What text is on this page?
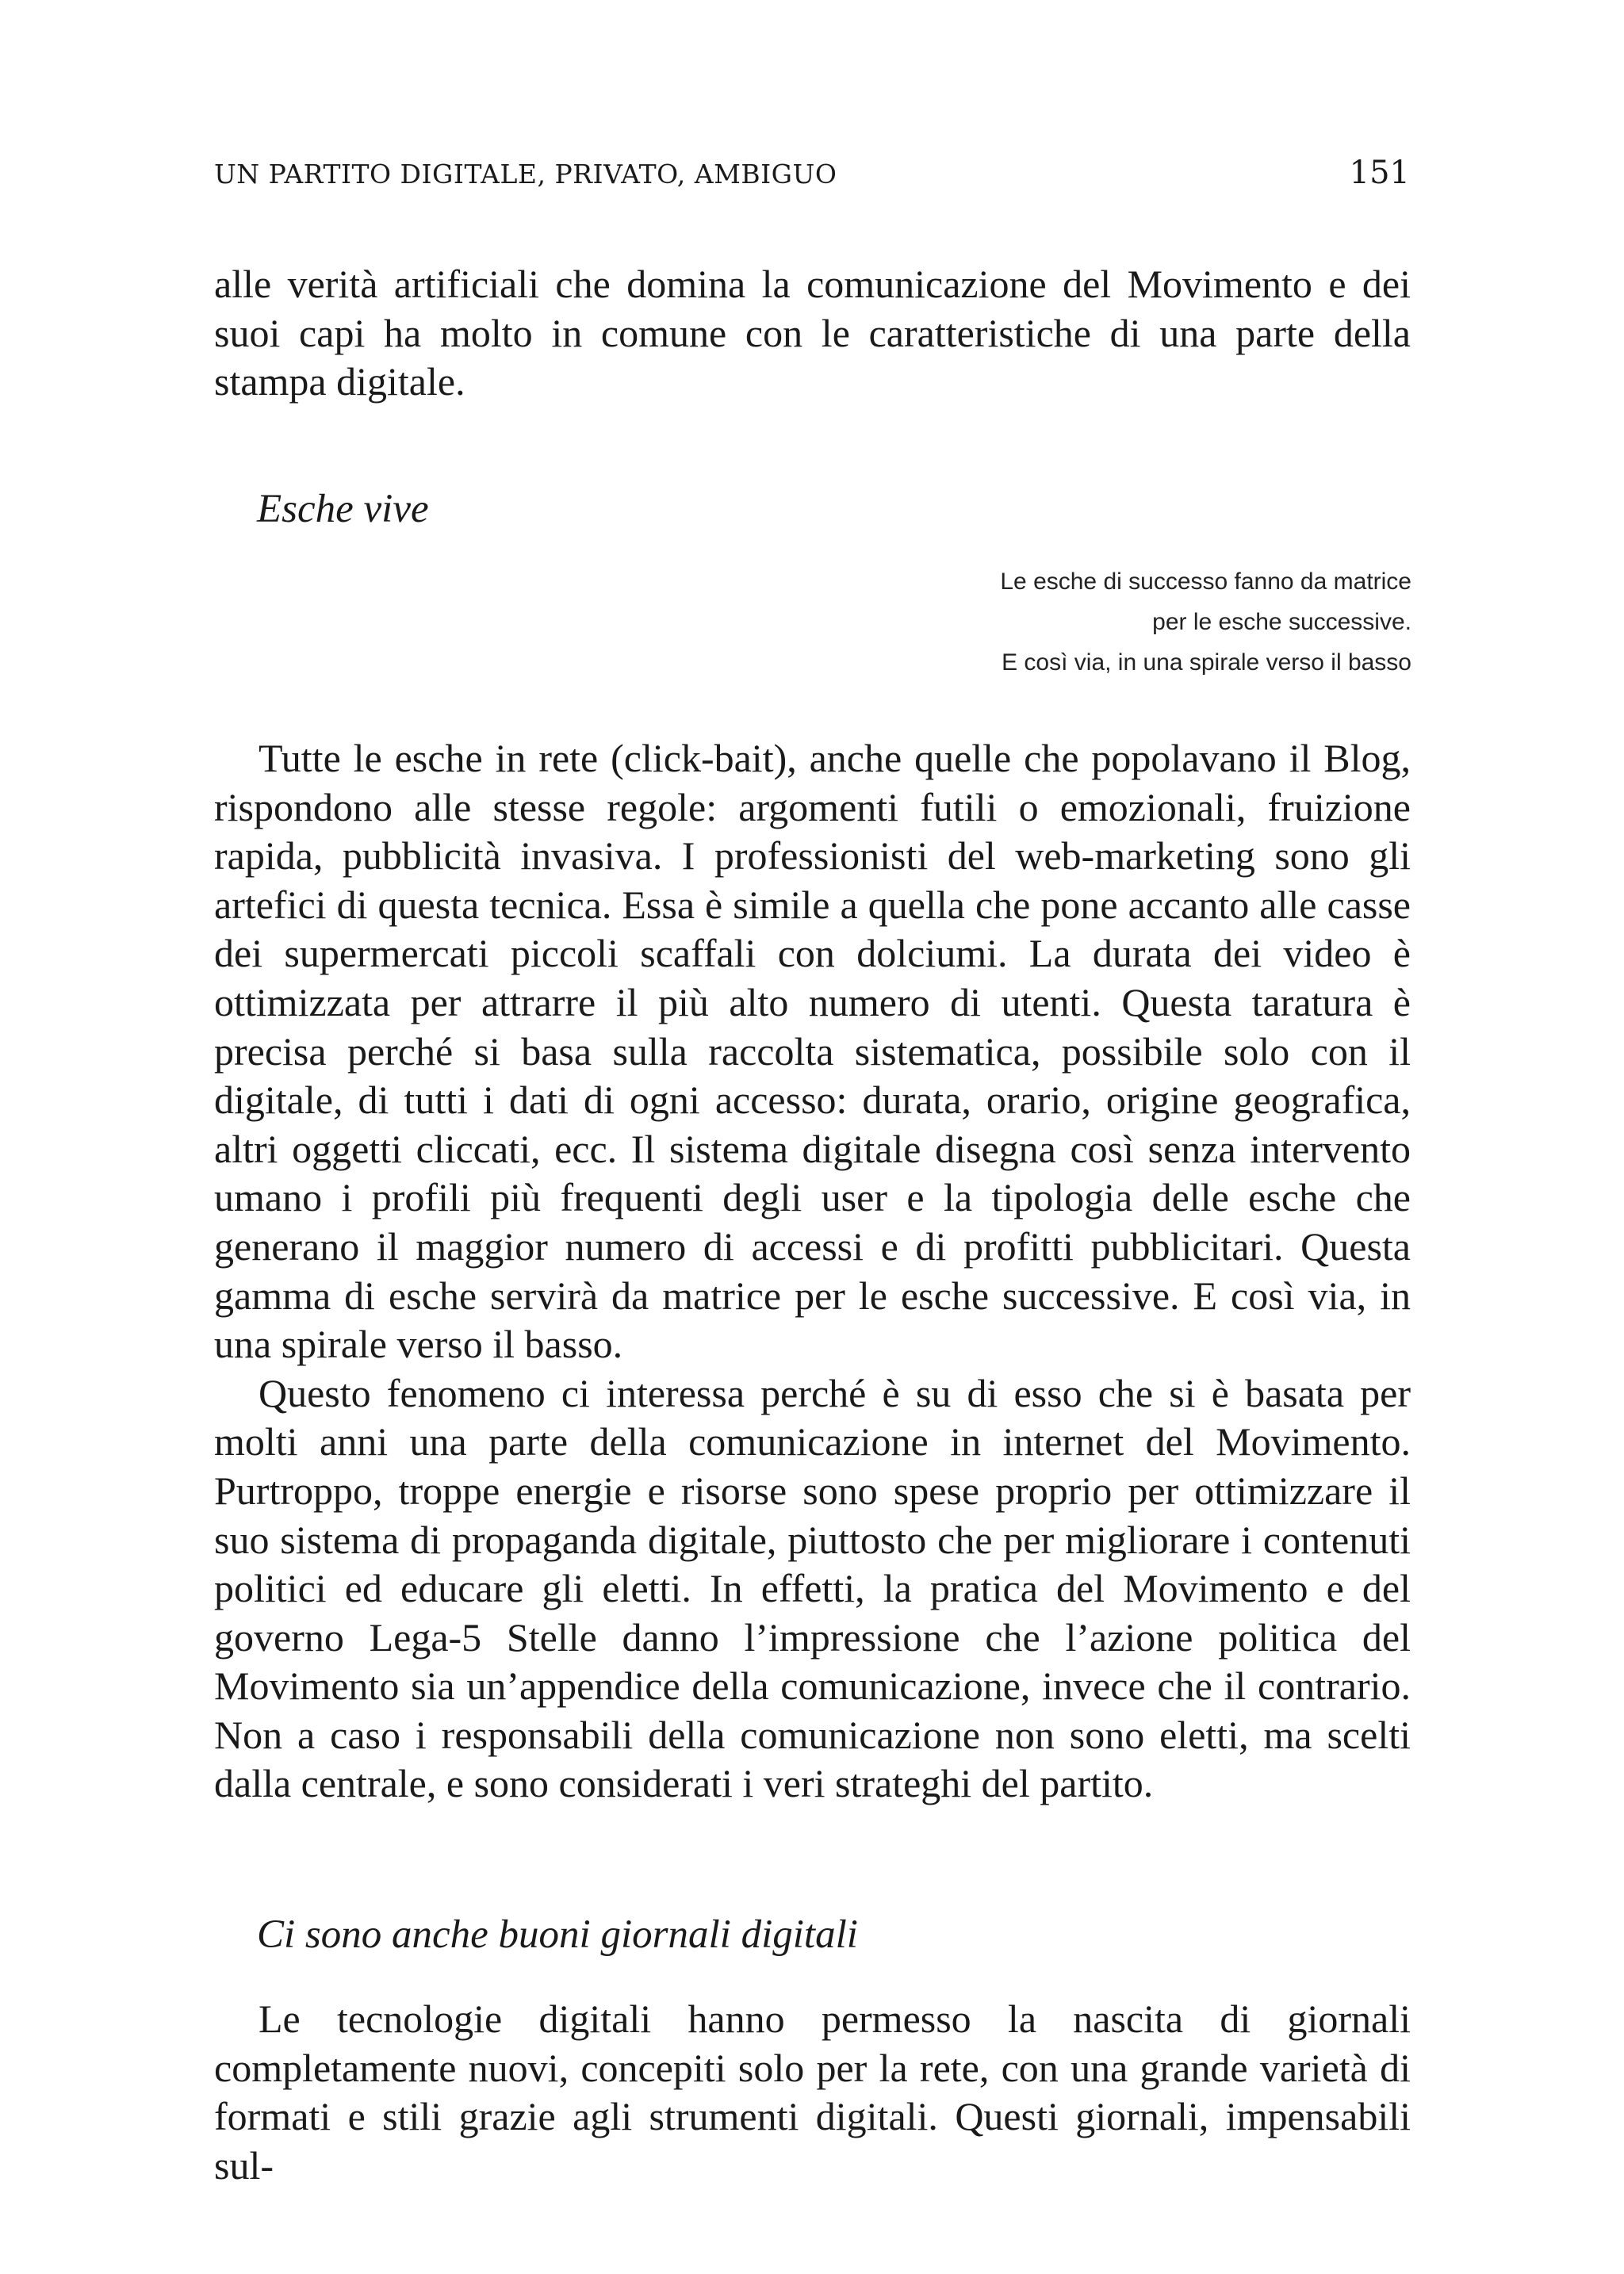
UN PARTITO DIGITALE, PRIVATO, AMBIGUO	151

alle verità artificiali che domina la comunicazione del Movimento e dei suoi capi ha molto in comune con le caratteristiche di una parte della stampa digitale.

Esche vive
Le esche di successo fanno da matrice
per le esche successive.
E così via, in una spirale verso il basso

Tutte le esche in rete (click-bait), anche quelle che popolavano il Blog, rispondono alle stesse regole: argomenti futili o emozionali, fruizione rapida, pubblicità invasiva. I professionisti del web-marketing sono gli artefici di questa tecnica. Essa è simile a quella che pone accanto alle casse dei supermercati piccoli scaffali con dolciumi. La durata dei video è ottimizzata per attrarre il più alto numero di utenti. Questa taratura è precisa perché si basa sulla raccolta sistematica, possibile solo con il digitale, di tutti i dati di ogni accesso: durata, orario, origine geografica, altri oggetti cliccati, ecc. Il sistema digitale disegna così senza intervento umano i profili più frequenti degli user e la tipologia delle esche che generano il maggior numero di accessi e di profitti pubblicitari. Questa gamma di esche servirà da matrice per le esche successive. E così via, in una spirale verso il basso.

Questo fenomeno ci interessa perché è su di esso che si è basata per molti anni una parte della comunicazione in internet del Movimento. Purtroppo, troppe energie e risorse sono spese proprio per ottimizzare il suo sistema di propaganda digitale, piuttosto che per migliorare i contenuti politici ed educare gli eletti. In effetti, la pratica del Movimento e del governo Lega-5 Stelle danno l’impressione che l’azione politica del Movimento sia un’appendice della comunicazione, invece che il contrario. Non a caso i responsabili della comunicazione non sono eletti, ma scelti dalla centrale, e sono considerati i veri strateghi del partito.

Ci sono anche buoni giornali digitali

Le tecnologie digitali hanno permesso la nascita di giornali completamente nuovi, concepiti solo per la rete, con una grande varietà di formati e stili grazie agli strumenti digitali. Questi giornali, impensabili sul-
